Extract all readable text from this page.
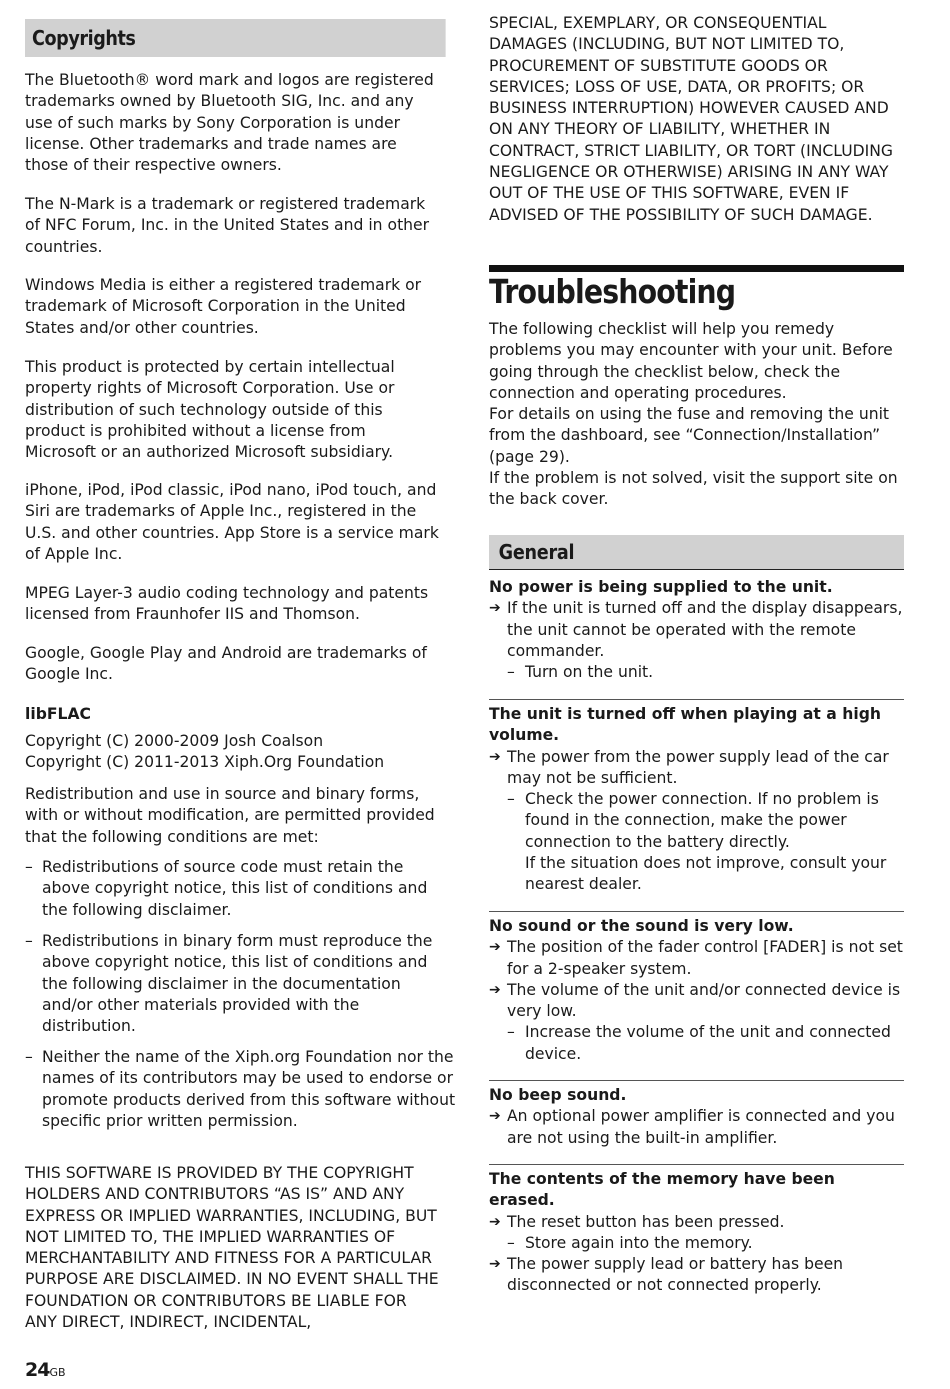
Copyrights

The Bluetooth® word mark and logos are registered trademarks owned by Bluetooth SIG, Inc. and any use of such marks by Sony Corporation is under license. Other trademarks and trade names are those of their respective owners.

The N-Mark is a trademark or registered trademark of NFC Forum, Inc. in the United States and in other countries.

Windows Media is either a registered trademark or trademark of Microsoft Corporation in the United States and/or other countries.

This product is protected by certain intellectual property rights of Microsoft Corporation. Use or distribution of such technology outside of this product is prohibited without a license from Microsoft or an authorized Microsoft subsidiary.

iPhone, iPod, iPod classic, iPod nano, iPod touch, and Siri are trademarks of Apple Inc., registered in the U.S. and other countries. App Store is a service mark of Apple Inc.

MPEG Layer-3 audio coding technology and patents licensed from Fraunhofer IIS and Thomson.

Google, Google Play and Android are trademarks of Google Inc.

libFLAC

Copyright (C) 2000-2009 Josh Coalson

Copyright (C) 2011-2013 Xiph.Org Foundation

Redistribution and use in source and binary forms, with or without modification, are permitted provided that the following conditions are met:

– Redistributions of source code must retain the above copyright notice, this list of conditions and the following disclaimer.
– Redistributions in binary form must reproduce the above copyright notice, this list of conditions and the following disclaimer in the documentation and/or other materials provided with the distribution.
– Neither the name of the Xiph.org Foundation nor the names of its contributors may be used to endorse or promote products derived from this software without specific prior written permission.

THIS SOFTWARE IS PROVIDED BY THE COPYRIGHT HOLDERS AND CONTRIBUTORS “AS IS” AND ANY EXPRESS OR IMPLIED WARRANTIES, INCLUDING, BUT NOT LIMITED TO, THE IMPLIED WARRANTIES OF MERCHANTABILITY AND FITNESS FOR A PARTICULAR PURPOSE ARE DISCLAIMED. IN NO EVENT SHALL THE FOUNDATION OR CONTRIBUTORS BE LIABLE FOR ANY DIRECT, INDIRECT, INCIDENTAL,

SPECIAL, EXEMPLARY, OR CONSEQUENTIAL DAMAGES (INCLUDING, BUT NOT LIMITED TO, PROCUREMENT OF SUBSTITUTE GOODS OR SERVICES; LOSS OF USE, DATA, OR PROFITS; OR BUSINESS INTERRUPTION) HOWEVER CAUSED AND ON ANY THEORY OF LIABILITY, WHETHER IN CONTRACT, STRICT LIABILITY, OR TORT (INCLUDING NEGLIGENCE OR OTHERWISE) ARISING IN ANY WAY OUT OF THE USE OF THIS SOFTWARE, EVEN IF ADVISED OF THE POSSIBILITY OF SUCH DAMAGE.

Troubleshooting

The following checklist will help you remedy problems you may encounter with your unit. Before going through the checklist below, check the connection and operating procedures.

For details on using the fuse and removing the unit from the dashboard, see “Connection/Installation” (page 29).

If the problem is not solved, visit the support site on the back cover.

General
No power is being supplied to the unit.
➔ If the unit is turned off and the display disappears, the unit cannot be operated with the remote commander.
– Turn on the unit.
The unit is turned off when playing at a high volume.
➔ The power from the power supply lead of the car may not be sufficient.
– Check the power connection. If no problem is found in the connection, make the power connection to the battery directly.
If the situation does not improve, consult your nearest dealer.
No sound or the sound is very low.
➔ The position of the fader control [FADER] is not set for a 2-speaker system.
➔ The volume of the unit and/or connected device is very low.
– Increase the volume of the unit and connected device.
No beep sound.
➔ An optional power amplifier is connected and you are not using the built-in amplifier.
The contents of the memory have been erased.
➔ The reset button has been pressed.
– Store again into the memory.
➔ The power supply lead or battery has been disconnected or not connected properly.
24GB
